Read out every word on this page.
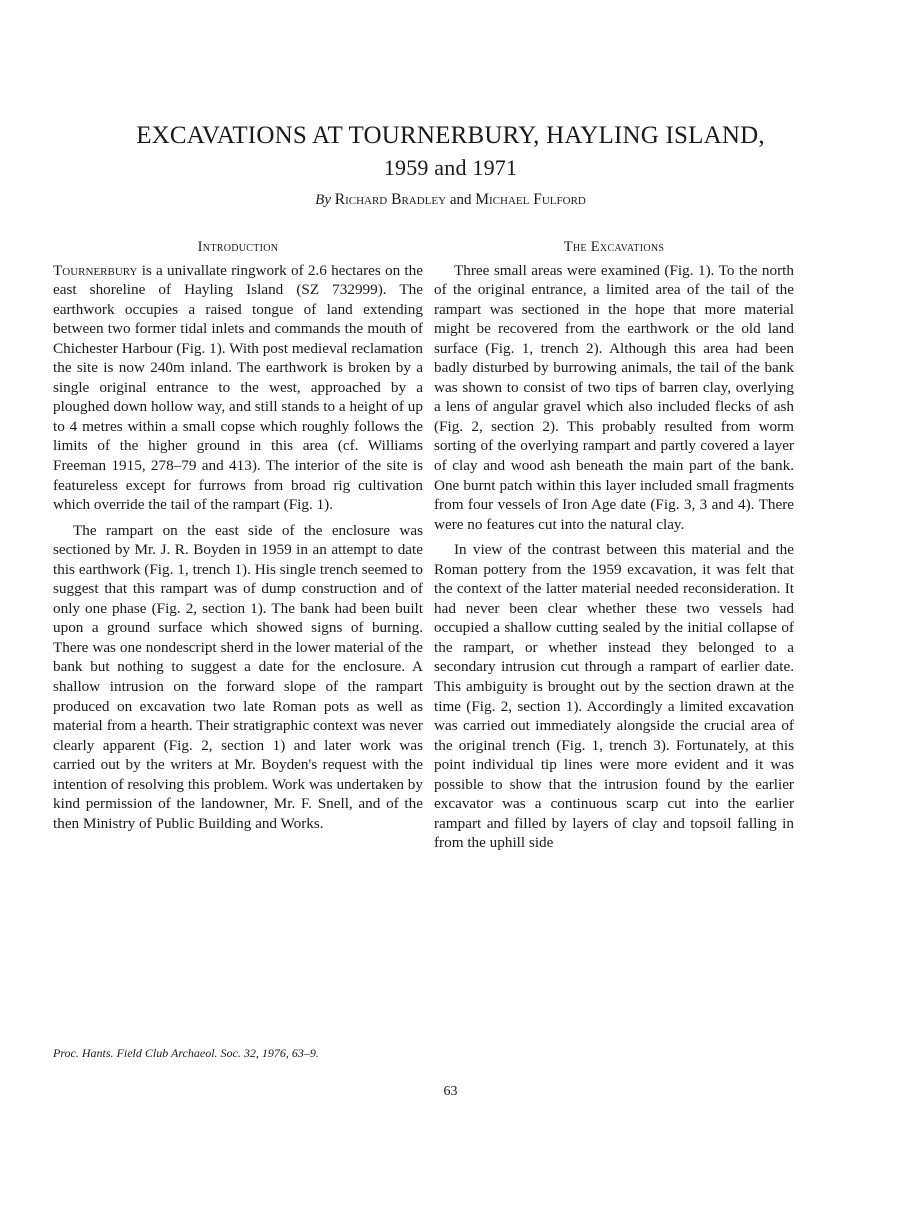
EXCAVATIONS AT TOURNERBURY, HAYLING ISLAND,
1959 and 1971
By Richard Bradley and Michael Fulford
Introduction

Tournerbury is a univallate ringwork of 2.6 hectares on the east shoreline of Hayling Island (SZ 732999). The earthwork occupies a raised tongue of land extending between two former tidal inlets and commands the mouth of Chichester Harbour (Fig. 1). With post medieval reclamation the site is now 240m inland. The earthwork is broken by a single original entrance to the west, approached by a ploughed down hollow way, and still stands to a height of up to 4 metres within a small copse which roughly follows the limits of the higher ground in this area (cf. Williams Freeman 1915, 278–79 and 413). The interior of the site is featureless except for furrows from broad rig cultivation which override the tail of the rampart (Fig. 1).

The rampart on the east side of the enclosure was sectioned by Mr. J. R. Boyden in 1959 in an attempt to date this earthwork (Fig. 1, trench 1). His single trench seemed to suggest that this rampart was of dump construction and of only one phase (Fig. 2, section 1). The bank had been built upon a ground surface which showed signs of burning. There was one nondescript sherd in the lower material of the bank but nothing to suggest a date for the enclosure. A shallow intrusion on the forward slope of the rampart produced on excavation two late Roman pots as well as material from a hearth. Their stratigraphic context was never clearly apparent (Fig. 2, section 1) and later work was carried out by the writers at Mr. Boyden's request with the intention of resolving this problem. Work was undertaken by kind permission of the landowner, Mr. F. Snell, and of the then Ministry of Public Building and Works.

The Excavations

Three small areas were examined (Fig. 1). To the north of the original entrance, a limited area of the tail of the rampart was sectioned in the hope that more material might be recovered from the earthwork or the old land surface (Fig. 1, trench 2). Although this area had been badly disturbed by burrowing animals, the tail of the bank was shown to consist of two tips of barren clay, overlying a lens of angular gravel which also included flecks of ash (Fig. 2, section 2). This probably resulted from worm sorting of the overlying rampart and partly covered a layer of clay and wood ash beneath the main part of the bank. One burnt patch within this layer included small fragments from four vessels of Iron Age date (Fig. 3, 3 and 4). There were no features cut into the natural clay.

In view of the contrast between this material and the Roman pottery from the 1959 excavation, it was felt that the context of the latter material needed reconsideration. It had never been clear whether these two vessels had occupied a shallow cutting sealed by the initial collapse of the rampart, or whether instead they belonged to a secondary intrusion cut through a rampart of earlier date. This ambiguity is brought out by the section drawn at the time (Fig. 2, section 1). Accordingly a limited excavation was carried out immediately alongside the crucial area of the original trench (Fig. 1, trench 3). Fortunately, at this point individual tip lines were more evident and it was possible to show that the intrusion found by the earlier excavator was a continuous scarp cut into the earlier rampart and filled by layers of clay and topsoil falling in from the uphill side

Proc. Hants. Field Club Archaeol. Soc. 32, 1976, 63–9.
63
